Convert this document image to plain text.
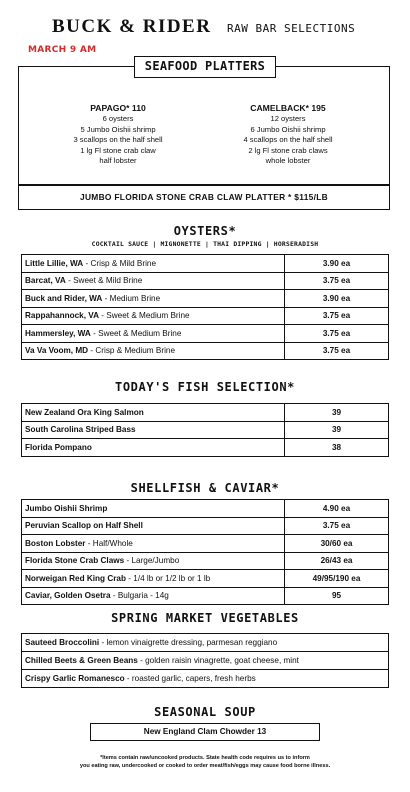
BUCK & RIDER RAW BAR SELECTIONS
MARCH 9 AM
SEAFOOD PLATTERS
PAPAGO* 110
6 oysters
5 Jumbo Oishii shrimp
3 scallops on the half shell
1 lg Fl stone crab claw
half lobster
CAMELBACK* 195
12 oysters
6 Jumbo Oishii shrimp
4 scallops on the half shell
2 lg Fl stone crab claws
whole lobster
JUMBO FLORIDA STONE CRAB CLAW PLATTER * $115/LB
OYSTERS*
COCKTAIL SAUCE | MIGNONETTE | THAI DIPPING | HORSERADISH
Little Lillie, WA - Crisp & Mild Brine	3.90 ea
Barcat, VA - Sweet & Mild Brine	3.75 ea
Buck and Rider, WA - Medium Brine	3.90 ea
Rappahannock, VA - Sweet & Medium Brine	3.75 ea
Hammersley, WA - Sweet & Medium Brine	3.75 ea
Va Va Voom, MD - Crisp & Medium Brine	3.75 ea
TODAY'S FISH SELECTION*
New Zealand Ora King Salmon	39
South Carolina Striped Bass	39
Florida Pompano	38
SHELLFISH & CAVIAR*
Jumbo Oishii Shrimp	4.90 ea
Peruvian Scallop on Half Shell	3.75 ea
Boston Lobster - Half/Whole	30/60 ea
Florida Stone Crab Claws - Large/Jumbo	26/43 ea
Norweigan Red King Crab - 1/4 lb or 1/2 lb or 1 lb	49/95/190 ea
Caviar, Golden Osetra - Bulgaria - 14g	95
SPRING MARKET VEGETABLES
Sauteed Broccolini - lemon vinaigrette dressing, parmesan reggiano
Chilled Beets & Green Beans - golden raisin vinagrette, goat cheese, mint
Crispy Garlic Romanesco - roasted garlic, capers, fresh herbs
SEASONAL SOUP
New England Clam Chowder 13
*Items contain raw/uncooked products. State health code requires us to inform
you eating raw, undercooked or cooked to order meat/fish/eggs may cause food borne illness.
